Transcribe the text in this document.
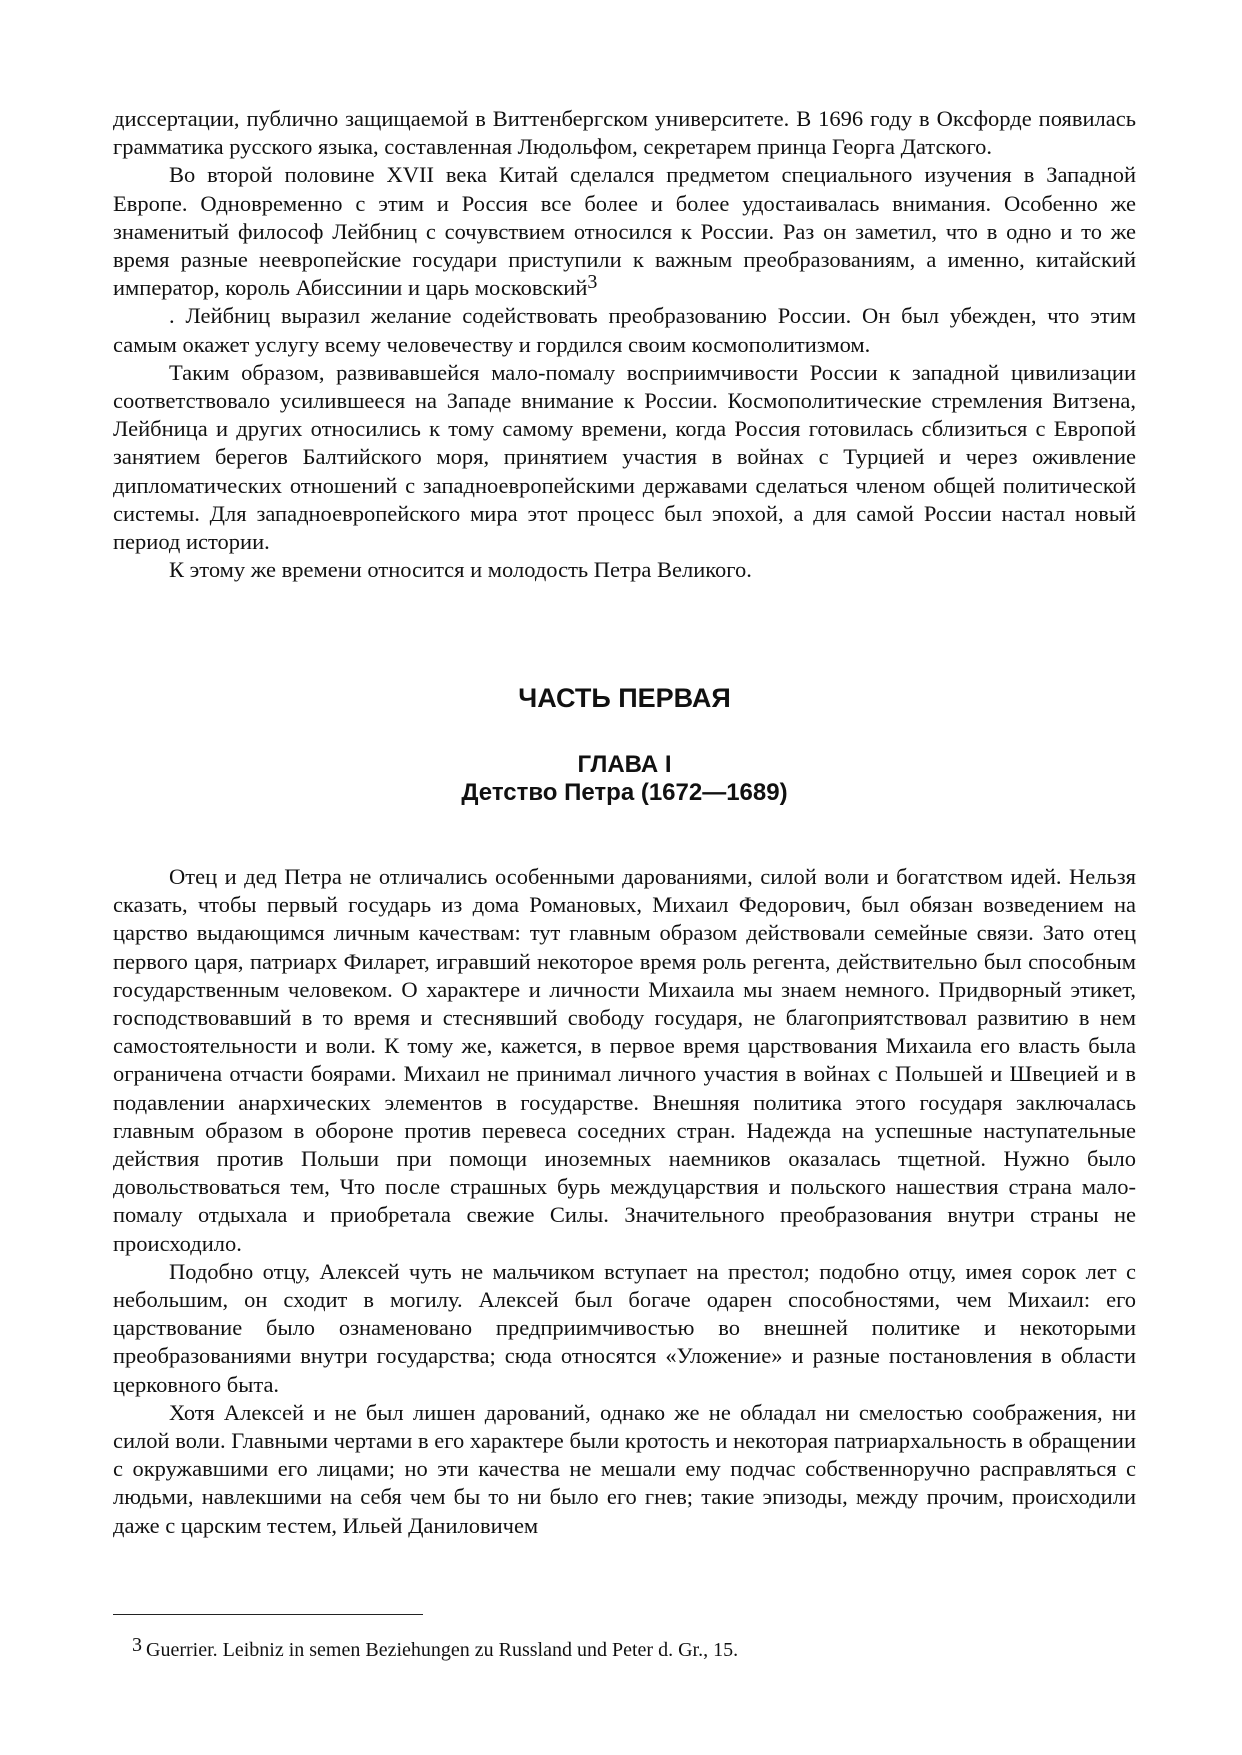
диссертации, публично защищаемой в Виттенбергском университете. В 1696 году в Оксфорде появилась грамматика русского языка, составленная Людольфом, секретарем принца Георга Датского.

Во второй половине XVII века Китай сделался предметом специального изучения в Западной Европе. Одновременно с этим и Россия все более и более удостаивалась внимания. Особенно же знаменитый философ Лейбниц с сочувствием относился к России. Раз он заметил, что в одно и то же время разные неевропейские государи приступили к важным преобразованиям, а именно, китайский император, король Абиссинии и царь московский3

. Лейбниц выразил желание содействовать преобразованию России. Он был убежден, что этим самым окажет услугу всему человечеству и гордился своим космополитизмом.

Таким образом, развивавшейся мало-помалу восприимчивости России к западной цивилизации соответствовало усилившееся на Западе внимание к России. Космополитические стремления Витзена, Лейбница и других относились к тому самому времени, когда Россия готовилась сблизиться с Европой занятием берегов Балтийского моря, принятием участия в войнах с Турцией и через оживление дипломатических отношений с западноевропейскими державами сделаться членом общей политической системы. Для западноевропейского мира этот процесс был эпохой, а для самой России настал новый период истории.

К этому же времени относится и молодость Петра Великого.

ЧАСТЬ ПЕРВАЯ
ГЛАВА I
Детство Петра (1672—1689)

Отец и дед Петра не отличались особенными дарованиями, силой воли и богатством идей. Нельзя сказать, чтобы первый государь из дома Романовых, Михаил Федорович, был обязан возведением на царство выдающимся личным качествам: тут главным образом действовали семейные связи. Зато отец первого царя, патриарх Филарет, игравший некоторое время роль регента, действительно был способным государственным человеком. О характере и личности Михаила мы знаем немного. Придворный этикет, господствовавший в то время и стеснявший свободу государя, не благоприятствовал развитию в нем самостоятельности и воли. К тому же, кажется, в первое время царствования Михаила его власть была ограничена отчасти боярами. Михаил не принимал личного участия в войнах с Польшей и Швецией и в подавлении анархических элементов в государстве. Внешняя политика этого государя заключалась главным образом в обороне против перевеса соседних стран. Надежда на успешные наступательные действия против Польши при помощи иноземных наемников оказалась тщетной. Нужно было довольствоваться тем, Что после страшных бурь междуцарствия и польского нашествия страна мало-помалу отдыхала и приобретала свежие Силы. Значительного преобразования внутри страны не происходило.

Подобно отцу, Алексей чуть не мальчиком вступает на престол; подобно отцу, имея сорок лет с небольшим, он сходит в могилу. Алексей был богаче одарен способностями, чем Михаил: его царствование было ознаменовано предприимчивостью во внешней политике и некоторыми преобразованиями внутри государства; сюда относятся «Уложение» и разные постановления в области церковного быта.

Хотя Алексей и не был лишен дарований, однако же не обладал ни смелостью соображения, ни силой воли. Главными чертами в его характере были кротость и некоторая патриархальность в обращении с окружавшими его лицами; но эти качества не мешали ему подчас собственноручно расправляться с людьми, навлекшими на себя чем бы то ни было его гнев; такие эпизоды, между прочим, происходили даже с царским тестем, Ильей Даниловичем

3 Guerrier. Leibniz in semen Beziehungen zu Russland und Peter d. Gr., 15.
